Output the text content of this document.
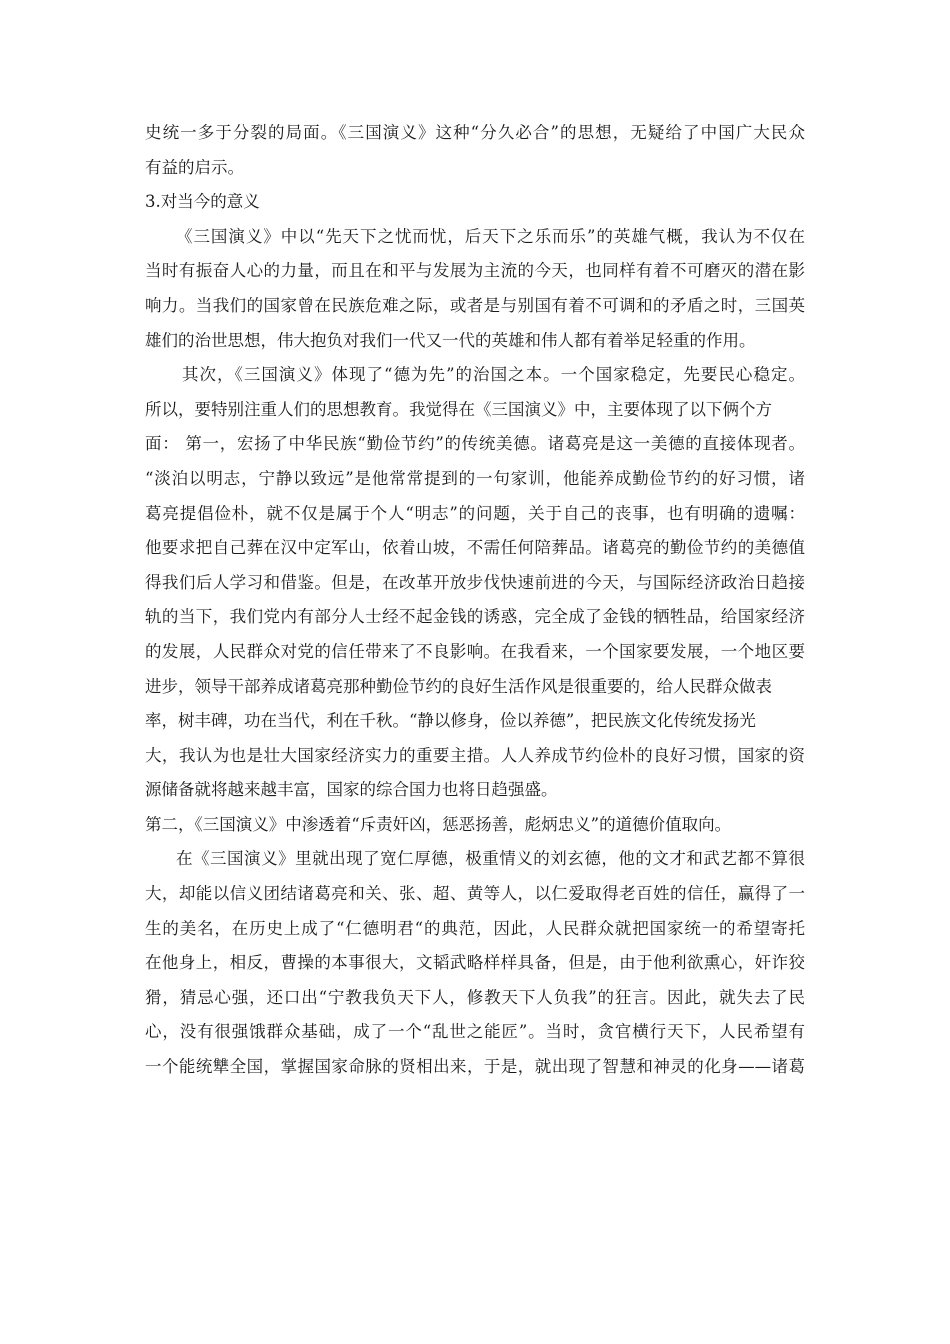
史统一多于分裂的局面。《三国演义》这种“分久必合”的思想，无疑给了中国广大民众
有益的启示。
3.对当今的意义
《三国演义》中以“先天下之忧而忧，后天下之乐而乐”的英雄气概，我认为不仅在
当时有振奋人心的力量，而且在和平与发展为主流的今天，也同样有着不可磨灭的潜在影
响力。当我们的国家曾在民族危难之际，或者是与别国有着不可调和的矛盾之时，三国英
雄们的治世思想，伟大抱负对我们一代又一代的英雄和伟人都有着举足轻重的作用。
其次，《三国演义》体现了“德为先”的治国之本。一个国家稳定，先要民心稳定。
所以，要特别注重人们的思想教育。我觉得在《三国演义》中，主要体现了以下俩个方
面： 第一，宏扬了中华民族“勤俭节约”的传统美德。诸葛亮是这一美德的直接体现者。
“淡泊以明志，宁静以致远”是他常常提到的一句家训，他能养成勤俭节约的好习惯，诸
葛亮提倡俭朴，就不仅是属于个人“明志”的问题，关于自己的丧事，也有明确的遗嘱：
他要求把自己葬在汉中定军山，依着山坡，不需任何陪葬品。诸葛亮的勤俭节约的美德值
得我们后人学习和借鉴。但是，在改革开放步伐快速前进的今天，与国际经济政治日趋接
轨的当下，我们党内有部分人士经不起金钱的诱惑，完全成了金钱的牺牲品，给国家经济
的发展，人民群众对党的信任带来了不良影响。在我看来，一个国家要发展，一个地区要
进步，领导干部养成诸葛亮那种勤俭节约的良好生活作风是很重要的，给人民群众做表
率，树丰碑，功在当代，利在千秋。“静以修身，俭以养德”，把民族文化传统发扬光
大，我认为也是壮大国家经济实力的重要主措。人人养成节约俭朴的良好习惯，国家的资
源储备就将越来越丰富，国家的综合国力也将日趋强盛。
第二，《三国演义》中渗透着“斥责奸凶，惩恶扬善，彪炳忠义”的道德价值取向。
在《三国演义》里就出现了宽仁厚德，极重情义的刘玄德，他的文才和武艺都不算很
大，却能以信义团结诸葛亮和关、张、超、黄等人，以仁爱取得老百姓的信任，赢得了一
生的美名，在历史上成了“仁德明君“的典范，因此，人民群众就把国家统一的希望寄托
在他身上，相反，曹操的本事很大，文韬武略样样具备，但是，由于他利欲熏心，奸诈狡
猾，猜忌心强，还口出“宁教我负天下人，修教天下人负我”的狂言。因此，就失去了民
心，没有很强饿群众基础，成了一个“乱世之能匠”。当时，贪官横行天下，人民希望有
一个能统犨全国，掌握国家命脉的贤相出来，于是，就出现了智慧和神灵的化身——诸葛
